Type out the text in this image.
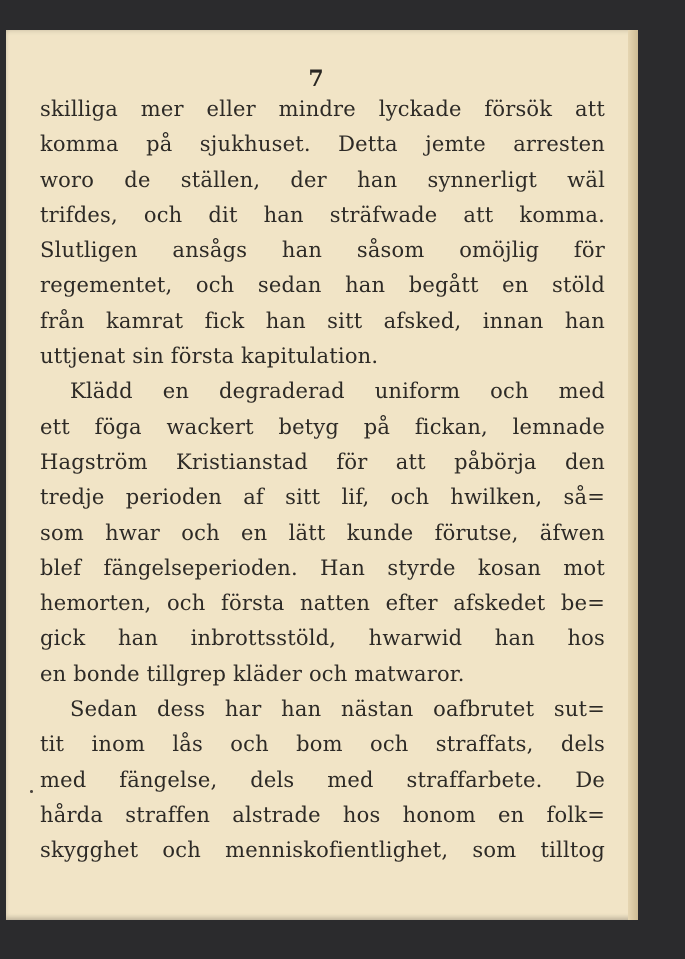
7
skilliga mer eller mindre lyckade försök att
komma på sjukhuset. Detta jemte arresten
woro de ställen, der han synnerligt wäl
trifdes, och dit han sträfwade att komma.
Slutligen ansågs han såsom omöjlig för
regementet, och sedan han begått en stöld
från kamrat fick han sitt afsked, innan han
uttjenat sin första kapitulation.
Klädd en degraderad uniform och med
ett föga wackert betyg på fickan, lemnade
Hagström Kristianstad för att påbörja den
tredje perioden af sitt lif, och hwilken, så=
som hwar och en lätt kunde förutse, äfwen
blef fängelseperioden. Han styrde kosan mot
hemorten, och första natten efter afskedet be=
gick han inbrottsstöld, hwarwid han hos
en bonde tillgrep kläder och matwaror.
Sedan dess har han nästan oafbrutet sut=
tit inom lås och bom och straffats, dels
med fängelse, dels med straffarbete. De
hårda straffen alstrade hos honom en folk=
skygghet och menniskofientlighet, som tilltog
